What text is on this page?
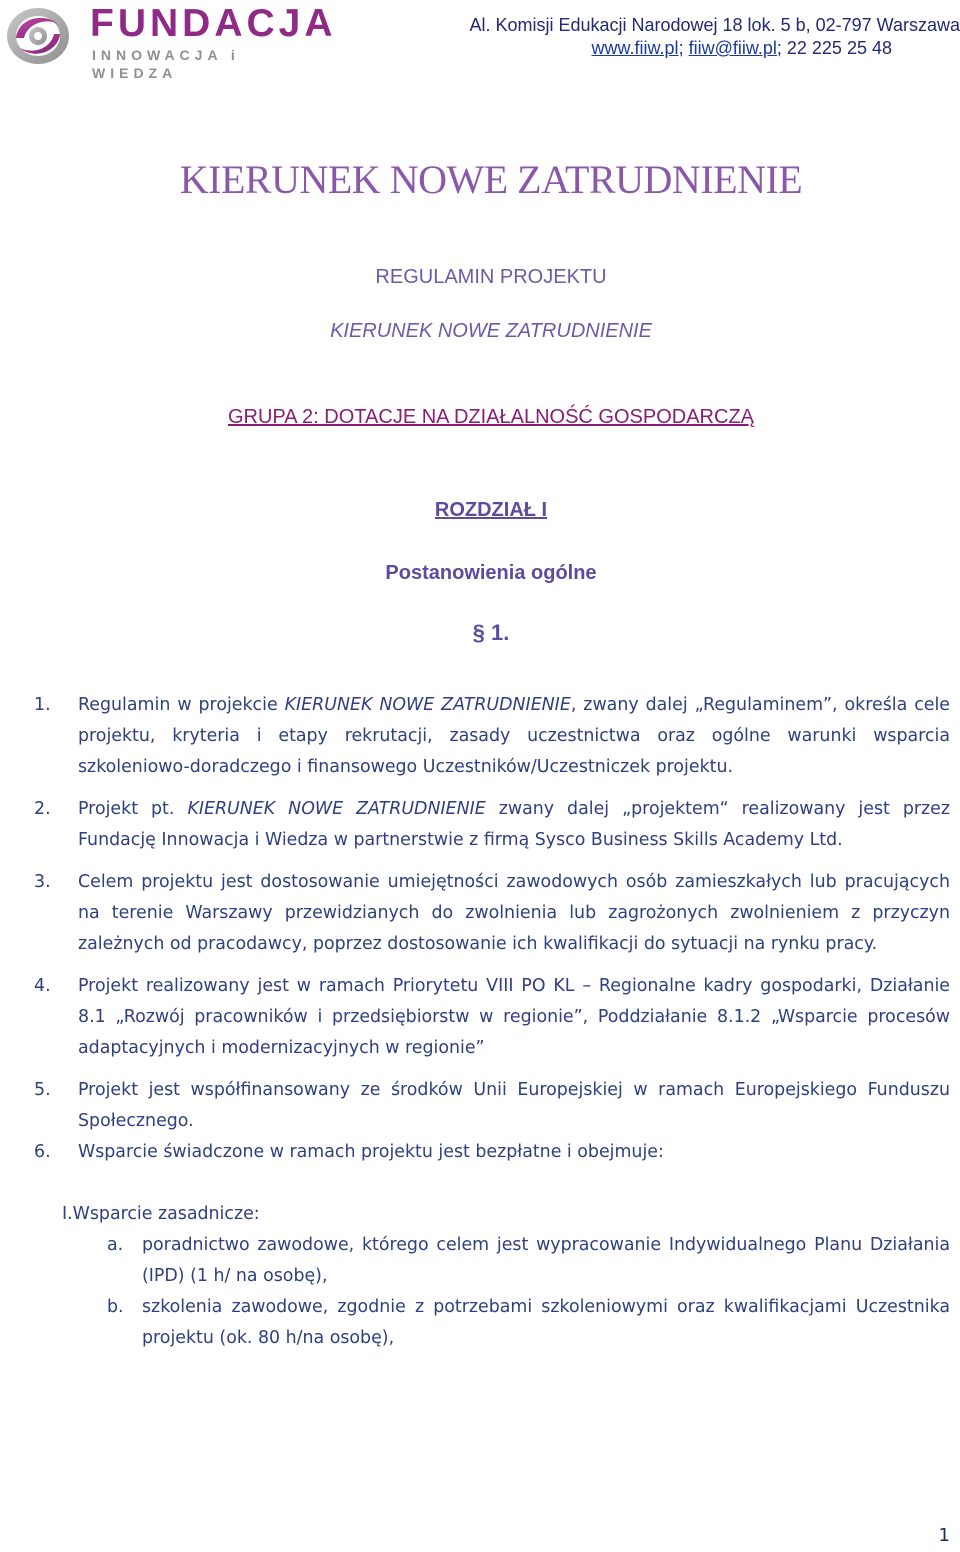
FUNDACJA
INNOWACJA i WIEDZA
Al. Komisji Edukacji Narodowej 18 lok. 5 b, 02-797 Warszawa
www.fiiw.pl; fiiw@fiiw.pl; 22 225 25 48
KIERUNEK NOWE ZATRUDNIENIE
REGULAMIN PROJEKTU
KIERUNEK NOWE ZATRUDNIENIE
GRUPA 2: DOTACJE NA DZIAŁALNOŚĆ GOSPODARCZĄ
ROZDZIAŁ I
Postanowienia ogólne
§ 1.
1. Regulamin w projekcie KIERUNEK NOWE ZATRUDNIENIE, zwany dalej „Regulaminem”, określa cele projektu, kryteria i etapy rekrutacji, zasady uczestnictwa oraz ogólne warunki wsparcia szkoleniowo-doradczego i finansowego Uczestników/Uczestniczek projektu.
2. Projekt pt. KIERUNEK NOWE ZATRUDNIENIE zwany dalej „projektem“ realizowany jest przez Fundację Innowacja i Wiedza w partnerstwie z firmą Sysco Business Skills Academy Ltd.
3. Celem projektu jest dostosowanie umiejętności zawodowych osób zamieszkałych lub pracujących na terenie Warszawy przewidzianych do zwolnienia lub zagrożonych zwolnieniem z przyczyn zależnych od pracodawcy, poprzez dostosowanie ich kwalifikacji do sytuacji na rynku pracy.
4. Projekt realizowany jest w ramach Priorytetu VIII PO KL – Regionalne kadry gospodarki, Działanie 8.1 „Rozwój pracowników i przedsiębiorstw w regionie”, Poddziałanie 8.1.2 „Wsparcie procesów adaptacyjnych i modernizacyjnych w regionie”
5. Projekt jest współfinansowany ze środków Unii Europejskiej w ramach Europejskiego Funduszu Społecznego.
6. Wsparcie świadczone w ramach projektu jest bezpłatne i obejmuje:
I.Wsparcie zasadnicze:
a. poradnictwo zawodowe, którego celem jest wypracowanie Indywidualnego Planu Działania (IPD) (1 h/ na osobę),
b. szkolenia zawodowe, zgodnie z potrzebami szkoleniowymi oraz kwalifikacjami Uczestnika projektu (ok. 80 h/na osobę),
1
